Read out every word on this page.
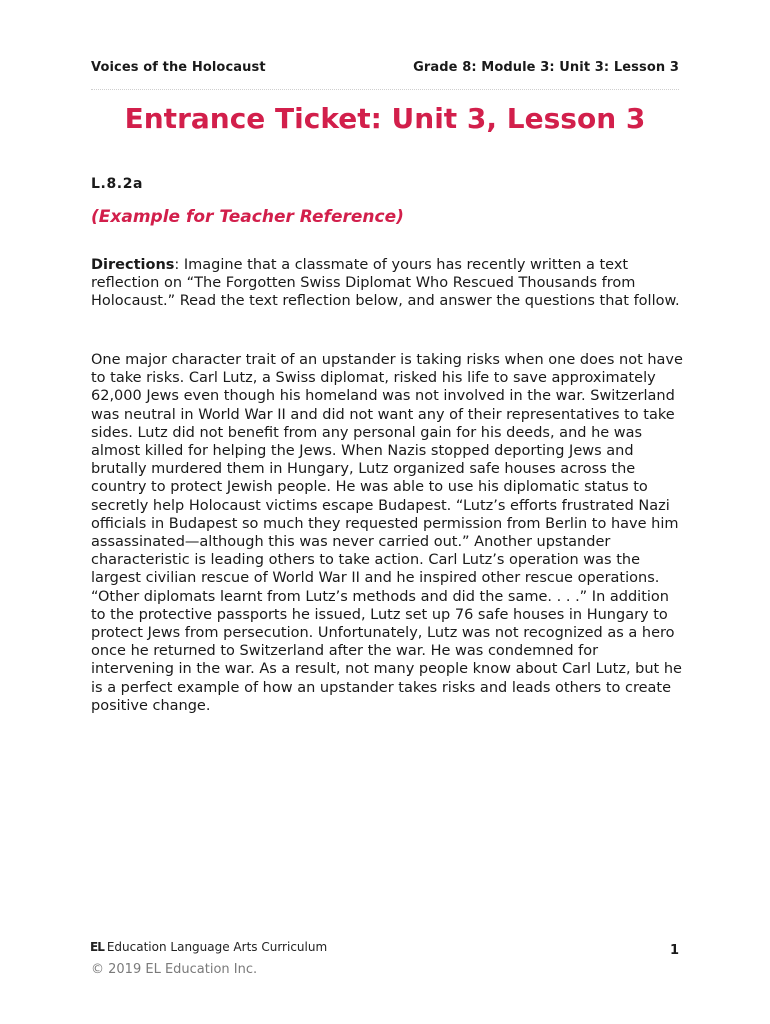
Voices of the Holocaust	Grade 8: Module 3: Unit 3: Lesson 3
Entrance Ticket: Unit 3, Lesson 3
L.8.2a
(Example for Teacher Reference)

Directions: Imagine that a classmate of yours has recently written a text reflection on “The Forgotten Swiss Diplomat Who Rescued Thousands from Holocaust.” Read the text reflection below, and answer the questions that follow.

One major character trait of an upstander is taking risks when one does not have to take risks. Carl Lutz, a Swiss diplomat, risked his life to save approximately 62,000 Jews even though his homeland was not involved in the war. Switzerland was neutral in World War II and did not want any of their representatives to take sides. Lutz did not benefit from any personal gain for his deeds, and he was almost killed for helping the Jews. When Nazis stopped deporting Jews and brutally murdered them in Hungary, Lutz organized safe houses across the country to protect Jewish people. He was able to use his diplomatic status to secretly help Holocaust victims escape Budapest. “Lutz’s efforts frustrated Nazi officials in Budapest so much they requested permission from Berlin to have him assassinated—although this was never carried out.” Another upstander characteristic is leading others to take action. Carl Lutz’s operation was the largest civilian rescue of World War II and he inspired other rescue operations. “Other diplomats learnt from Lutz’s methods and did the same. . . .” In addition to the protective passports he issued, Lutz set up 76 safe houses in Hungary to protect Jews from persecution. Unfortunately, Lutz was not recognized as a hero once he returned to Switzerland after the war. He was condemned for intervening in the war. As a result, not many people know about Carl Lutz, but he is a perfect example of how an upstander takes risks and leads others to create positive change.

EL Education Language Arts Curriculum	1
© 2019 EL Education Inc.
